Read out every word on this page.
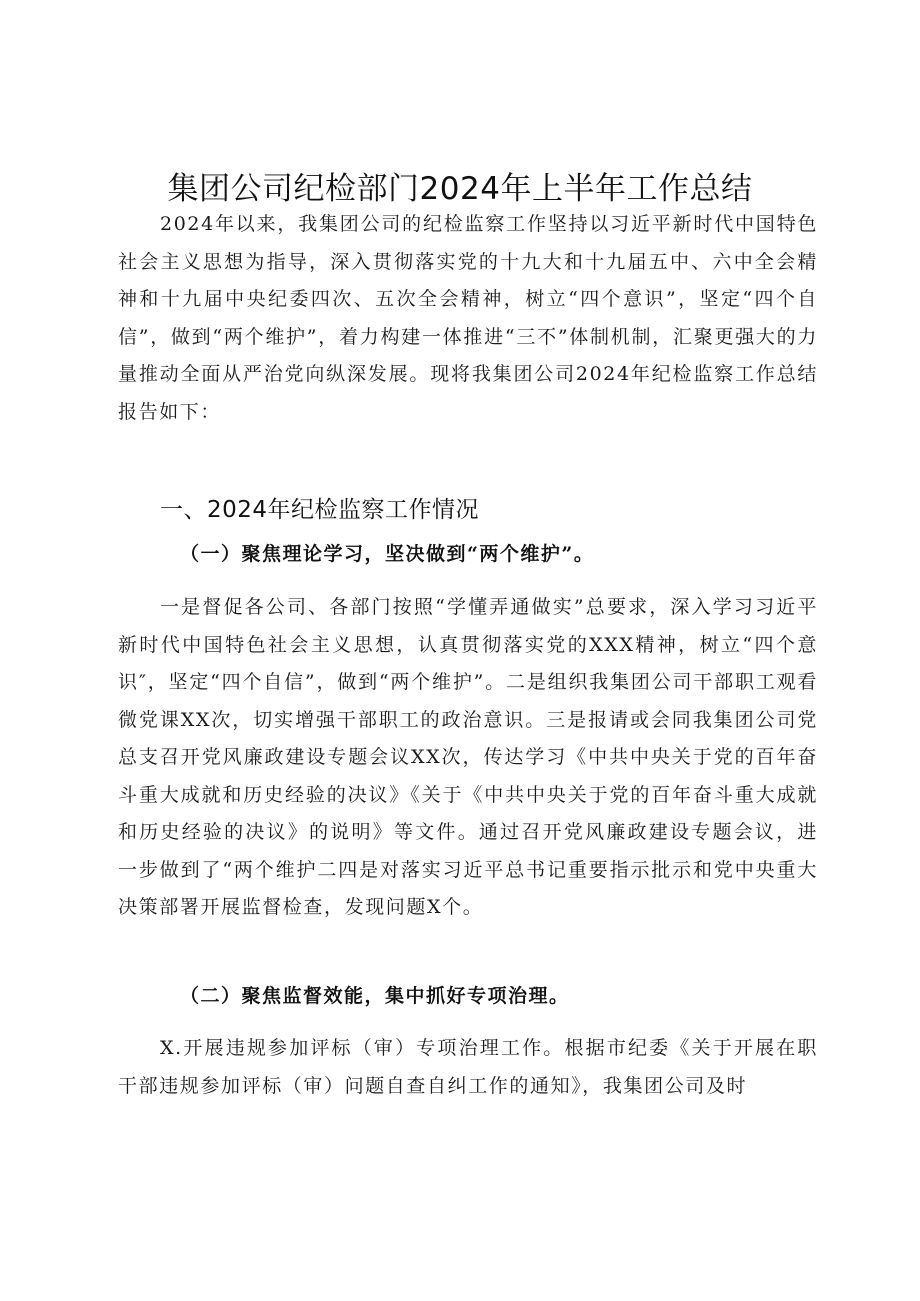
集团公司纪检部门2024年上半年工作总结

2024年以来，我集团公司的纪检监察工作坚持以习近平新时代中国特色社会主义思想为指导，深入贯彻落实党的十九大和十九届五中、六中全会精神和十九届中央纪委四次、五次全会精神，树立“四个意识”，坚定“四个自信”，做到“两个维护”，着力构建一体推进“三不”体制机制，汇聚更强大的力量推动全面从严治党向纵深发展。现将我集团公司2024年纪检监察工作总结报告如下：

一、2024年纪检监察工作情况
（一）聚焦理论学习，坚决做到“两个维护”。

一是督促各公司、各部门按照“学懂弄通做实”总要求，深入学习习近平新时代中国特色社会主义思想，认真贯彻落实党的XXX精神，树立“四个意识″，坚定“四个自信”，做到“两个维护”。二是组织我集团公司干部职工观看微党课XX次，切实增强干部职工的政治意识。三是报请或会同我集团公司党总支召开党风廉政建设专题会议XX次，传达学习《中共中央关于党的百年奋斗重大成就和历史经验的决议》《关于《中共中央关于党的百年奋斗重大成就和历史经验的决议》的说明》等文件。通过召开党风廉政建设专题会议，进一步做到了“两个维护二四是对落实习近平总书记重要指示批示和党中央重大决策部署开展监督检查，发现问题X个。

（二）聚焦监督效能，集中抓好专项治理。

X.开展违规参加评标（审）专项治理工作。根据市纪委《关于开展在职干部违规参加评标（审）问题自查自纠工作的通知》，我集团公司及时
